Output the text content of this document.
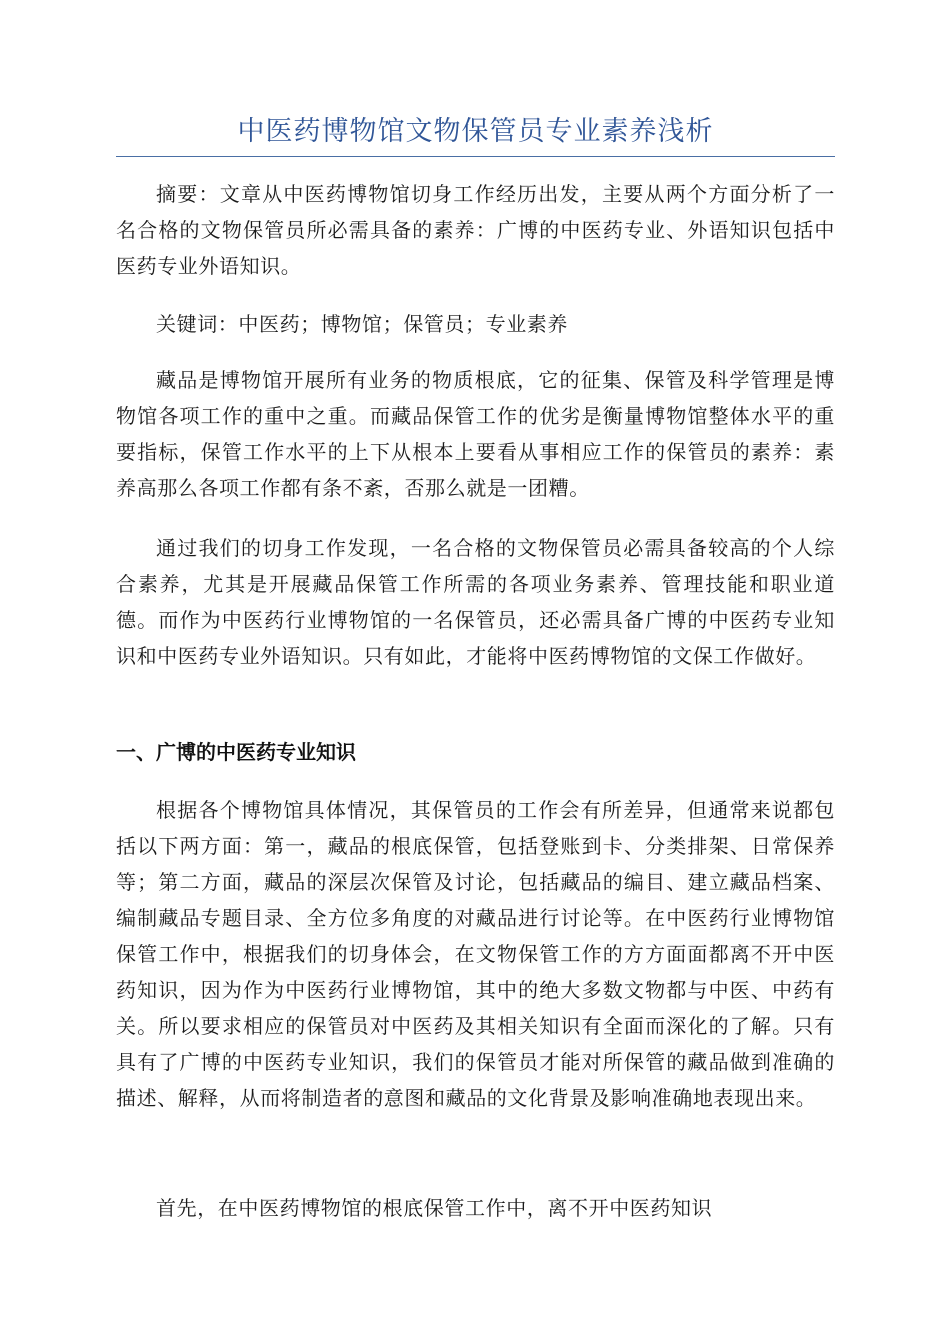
中医药博物馆文物保管员专业素养浅析

摘要：文章从中医药博物馆切身工作经历出发，主要从两个方面分析了一名合格的文物保管员所必需具备的素养：广博的中医药专业、外语知识包括中医药专业外语知识。

关键词：中医药；博物馆；保管员；专业素养

藏品是博物馆开展所有业务的物质根底，它的征集、保管及科学管理是博物馆各项工作的重中之重。而藏品保管工作的优劣是衡量博物馆整体水平的重要指标，保管工作水平的上下从根本上要看从事相应工作的保管员的素养：素养高那么各项工作都有条不紊，否那么就是一团糟。

通过我们的切身工作发现，一名合格的文物保管员必需具备较高的个人综合素养，尤其是开展藏品保管工作所需的各项业务素养、管理技能和职业道德。而作为中医药行业博物馆的一名保管员，还必需具备广博的中医药专业知识和中医药专业外语知识。只有如此，才能将中医药博物馆的文保工作做好。

一、广博的中医药专业知识

根据各个博物馆具体情况，其保管员的工作会有所差异，但通常来说都包括以下两方面：第一，藏品的根底保管，包括登账到卡、分类排架、日常保养等；第二方面，藏品的深层次保管及讨论，包括藏品的编目、建立藏品档案、编制藏品专题目录、全方位多角度的对藏品进行讨论等。在中医药行业博物馆保管工作中，根据我们的切身体会，在文物保管工作的方方面面都离不开中医药知识，因为作为中医药行业博物馆，其中的绝大多数文物都与中医、中药有关。所以要求相应的保管员对中医药及其相关知识有全面而深化的了解。只有具有了广博的中医药专业知识，我们的保管员才能对所保管的藏品做到准确的描述、解释，从而将制造者的意图和藏品的文化背景及影响准确地表现出来。

首先，在中医药博物馆的根底保管工作中，离不开中医药知识
